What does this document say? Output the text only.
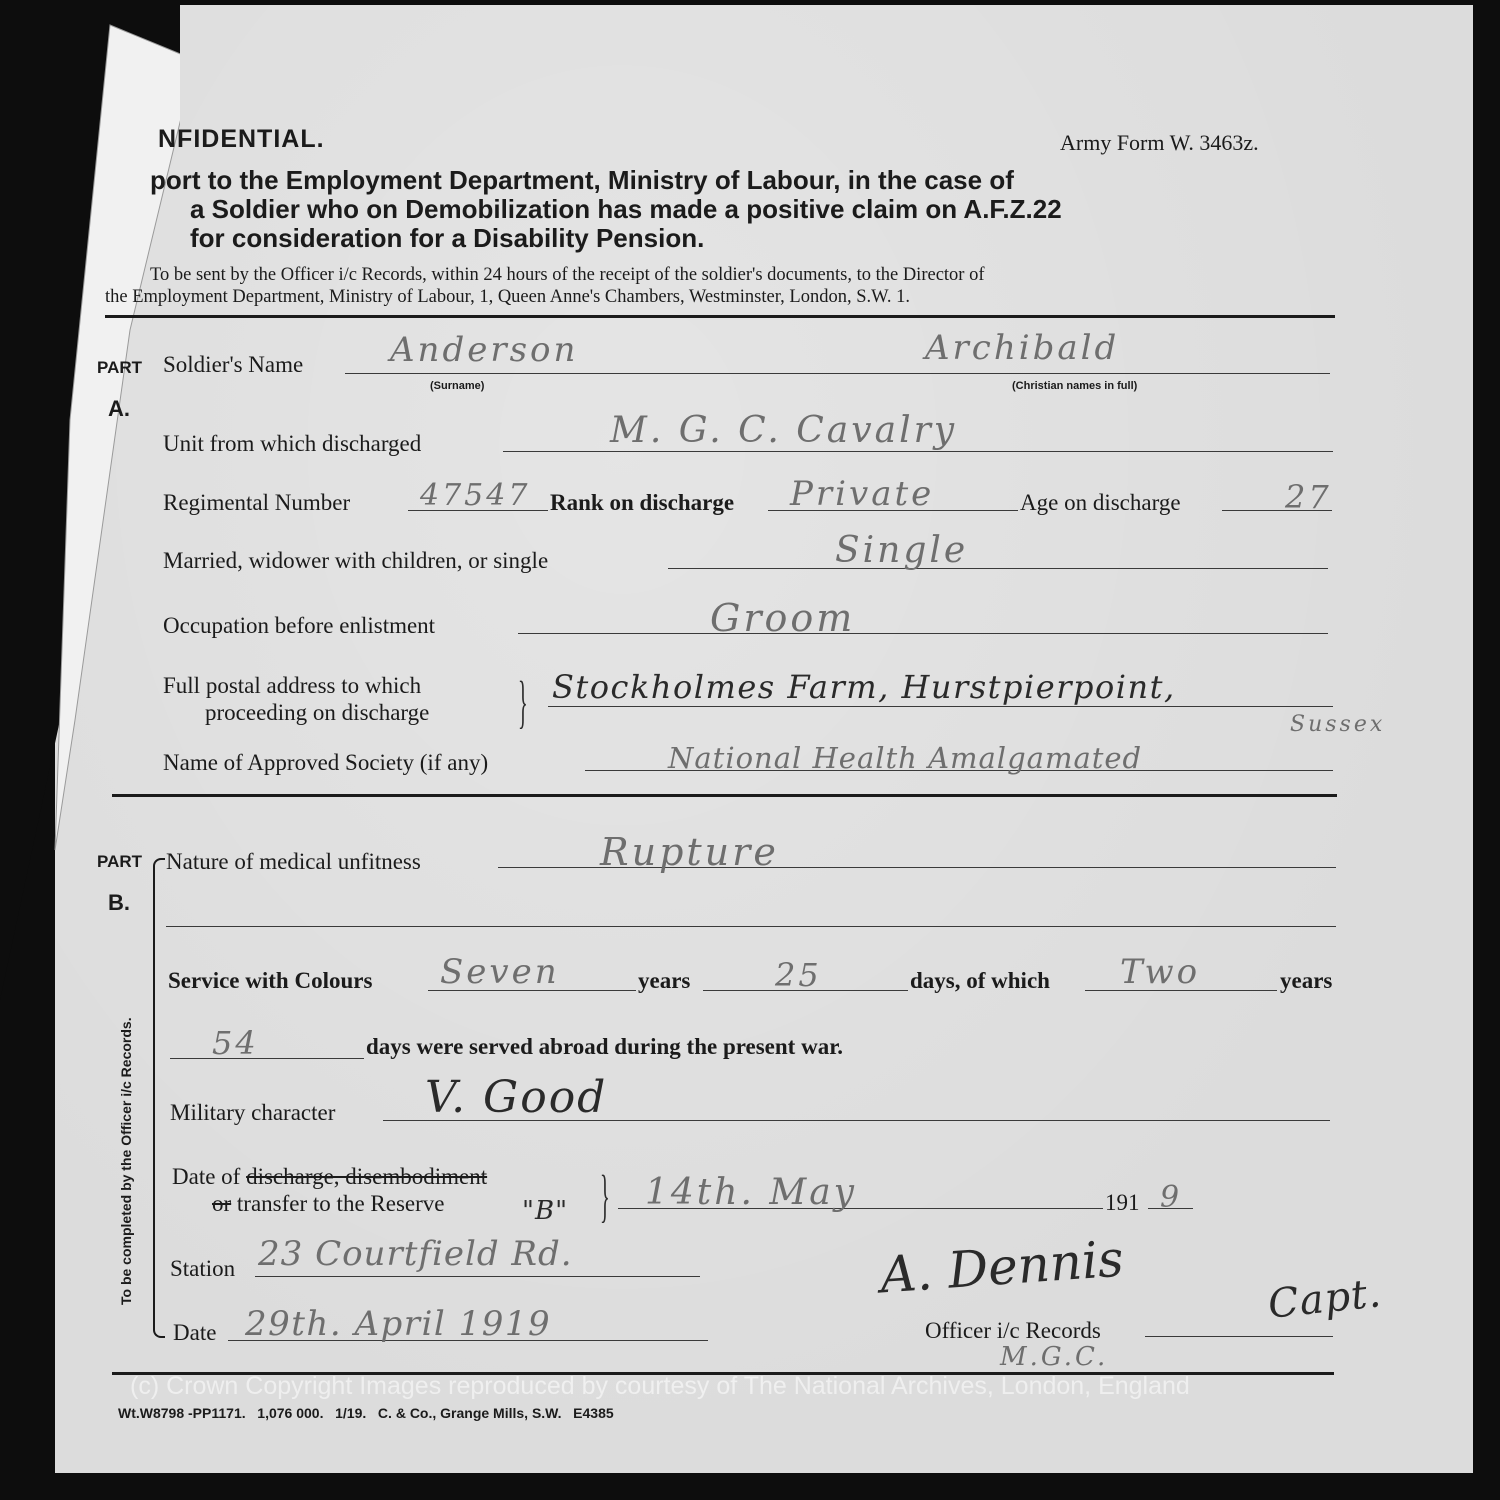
NFIDENTIAL.	Army Form W. 3463z.
port to the Employment Department, Ministry of Labour, in the case of
a Soldier who on Demobilization has made a positive claim on A.F.Z.22
for consideration for a Disability Pension.
To be sent by the Officer i/c Records, within 24 hours of the receipt of the soldier's documents, to the Director of
the Employment Department, Ministry of Labour, 1, Queen Anne's Chambers, Westminster, London, S.W. 1.
PART
A.
Soldier's Name	Anderson
(Surname)
Archibald
(Christian names in full)
Unit from which discharged	M. G. C. Cavalry
Regimental Number 47547 Rank on discharge Private	Age on discharge	27
Married, widower with children, or single	Single
Occupation before enlistment	Groom
Full postal address to which
proceeding on discharge } Stockholmes Farm, Hurstpierpoint,
Sussex
Name of Approved Society (if any)	National Health Amalgamated
PART
B.
To be completed by the Officer i/c Records.
Nature of medical unfitness	Rupture
Service with Colours Seven	years	25	days, of which Two	years
54	days were served abroad during the present war.
Military character V. Good
Date of discharge, disembodiment
or transfer to the Reserve	"B" } 14th. May	191 9
Station 23 Courtfield Rd.
Date 29th. April 1919
A. Dennis	Capt.
Officer i/c Records
M.G.C.
(c) Crown Copyright Images reproduced by courtesy of The National Archives, London, England
Wt.W8798 -PP1171.   1,076 000.   1/19.   C. & Co., Grange Mills, S.W.   E4385
